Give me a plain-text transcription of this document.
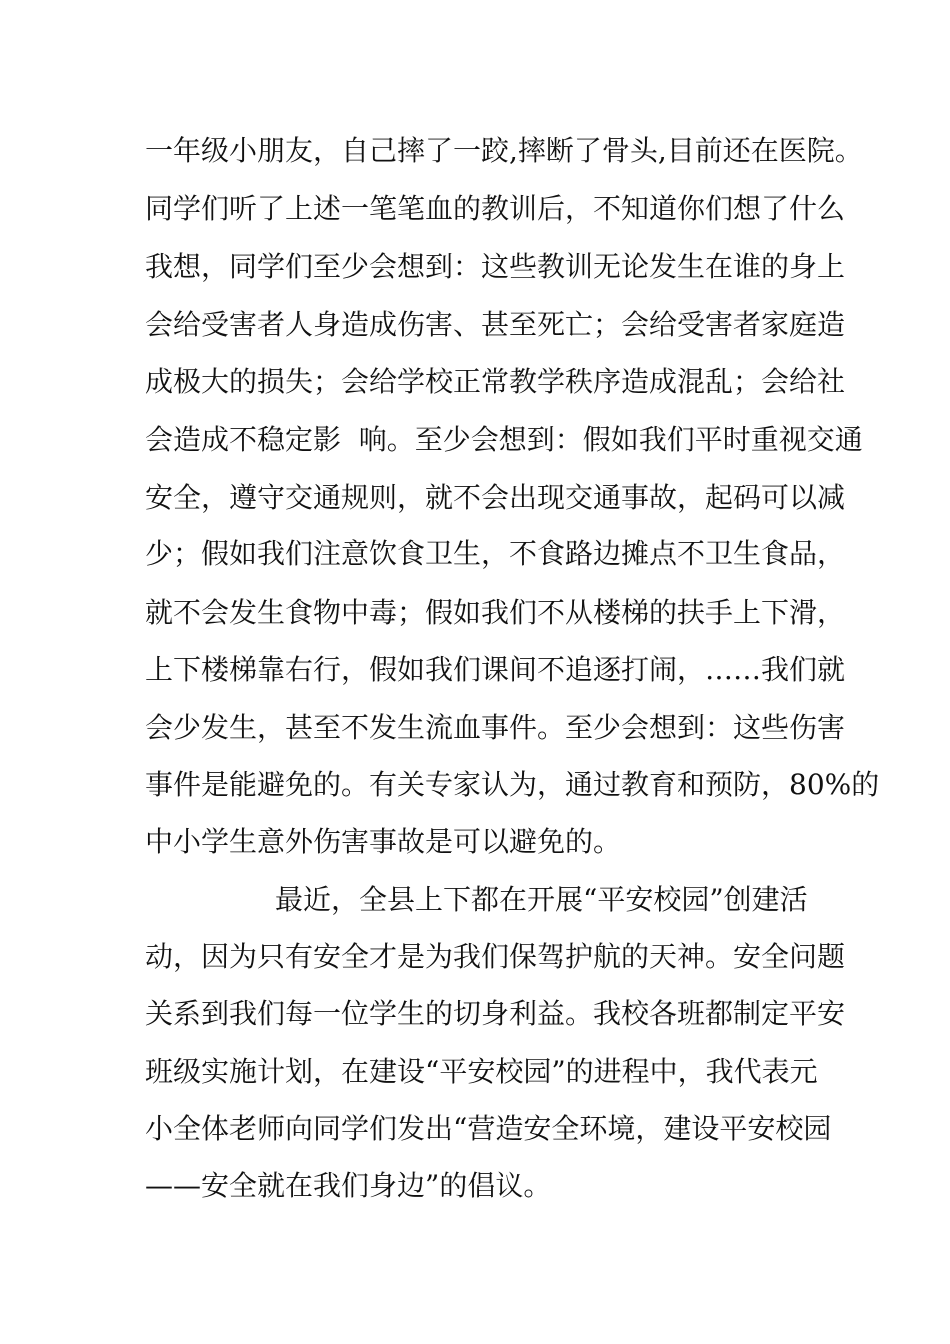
一年级小朋友，自己摔了一跤,摔断了骨头,目前还在医院。

同学们听了上述一笔笔血的教训后，不知道你们想了什么

我想，同学们至少会想到：这些教训无论发生在谁的身上

会给受害者人身造成伤害、甚至死亡；会给受害者家庭造

成极大的损失；会给学校正常教学秩序造成混乱；会给社

会造成不稳定影  响。至少会想到：假如我们平时重视交通

安全，遵守交通规则，就不会出现交通事故，起码可以减

少；假如我们注意饮食卫生，不食路边摊点不卫生食品，

就不会发生食物中毒；假如我们不从楼梯的扶手上下滑，

上下楼梯靠右行，假如我们课间不追逐打闹，……我们就

会少发生，甚至不发生流血事件。至少会想到：这些伤害

事件是能避免的。有关专家认为，通过教育和预防，80%的

中小学生意外伤害事故是可以避免的。

最近，全县上下都在开展“平安校园”创建活

动，因为只有安全才是为我们保驾护航的天神。安全问题

关系到我们每一位学生的切身利益。我校各班都制定平安

班级实施计划，在建设“平安校园”的进程中，我代表元

小全体老师向同学们发出“营造安全环境，建设平安校园

——安全就在我们身边”的倡议。
